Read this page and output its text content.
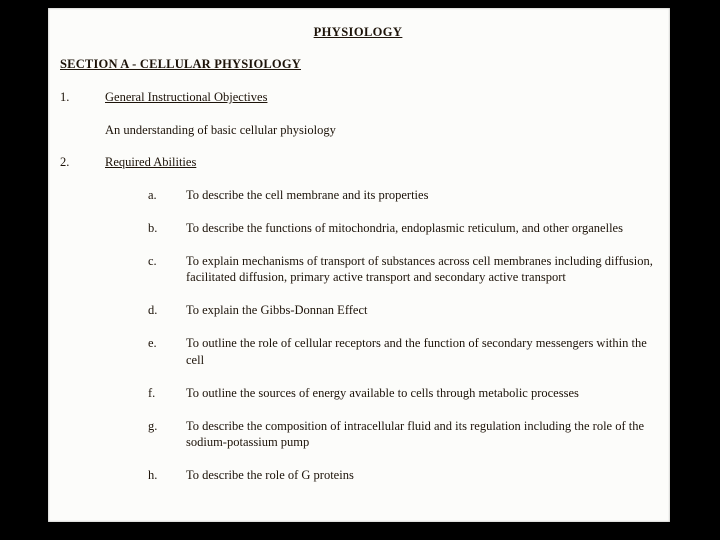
PHYSIOLOGY
SECTION A - CELLULAR PHYSIOLOGY
1.	General Instructional Objectives
An understanding of basic cellular physiology
2.	Required Abilities
a.	To describe the cell membrane and its properties
b.	To describe the functions of mitochondria, endoplasmic reticulum, and other organelles
c.	To explain mechanisms of transport of substances across cell membranes including diffusion, facilitated diffusion, primary active transport and secondary active transport
d.	To explain the Gibbs-Donnan Effect
e.	To outline the role of cellular receptors and the function of secondary messengers within the cell
f.	To outline the sources of energy available to cells through metabolic processes
g.	To describe the composition of intracellular fluid and its regulation including the role of the sodium-potassium pump
h.	To describe the role of G proteins
